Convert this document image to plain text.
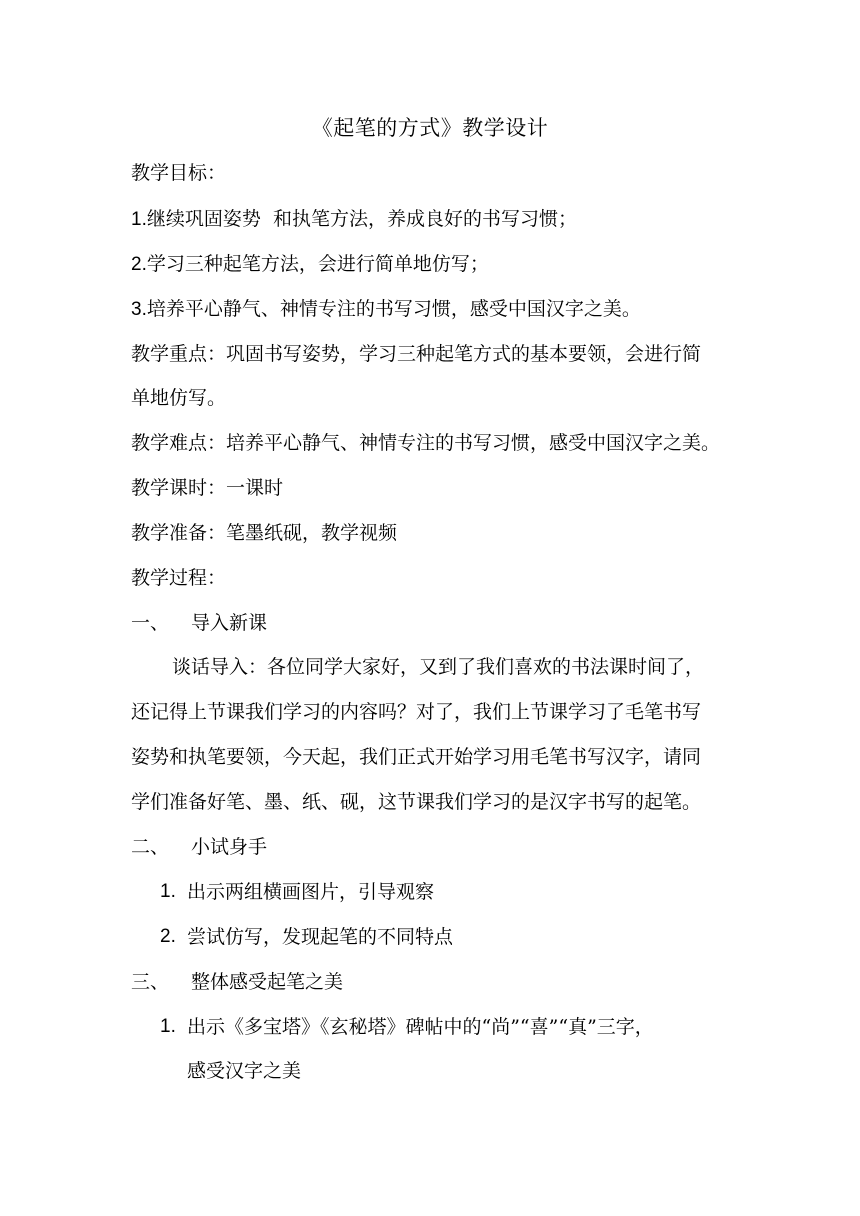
《起笔的方式》教学设计
教学目标：
1.继续巩固姿势  和执笔方法，养成良好的书写习惯；
2.学习三种起笔方法，会进行简单地仿写；
3.培养平心静气、神情专注的书写习惯，感受中国汉字之美。
教学重点：巩固书写姿势，学习三种起笔方式的基本要领，会进行简
单地仿写。
教学难点：培养平心静气、神情专注的书写习惯，感受中国汉字之美。
教学课时：一课时
教学准备：笔墨纸砚，教学视频
教学过程：
一、 导入新课
谈话导入：各位同学大家好，又到了我们喜欢的书法课时间了，
还记得上节课我们学习的内容吗？对了，我们上节课学习了毛笔书写
姿势和执笔要领，今天起，我们正式开始学习用毛笔书写汉字，请同
学们准备好笔、墨、纸、砚，这节课我们学习的是汉字书写的起笔。
二、 小试身手
1. 出示两组横画图片，引导观察
2. 尝试仿写，发现起笔的不同特点
三、 整体感受起笔之美
1. 出示《多宝塔》《玄秘塔》碑帖中的“尚”“喜”“真”三字，
感受汉字之美
